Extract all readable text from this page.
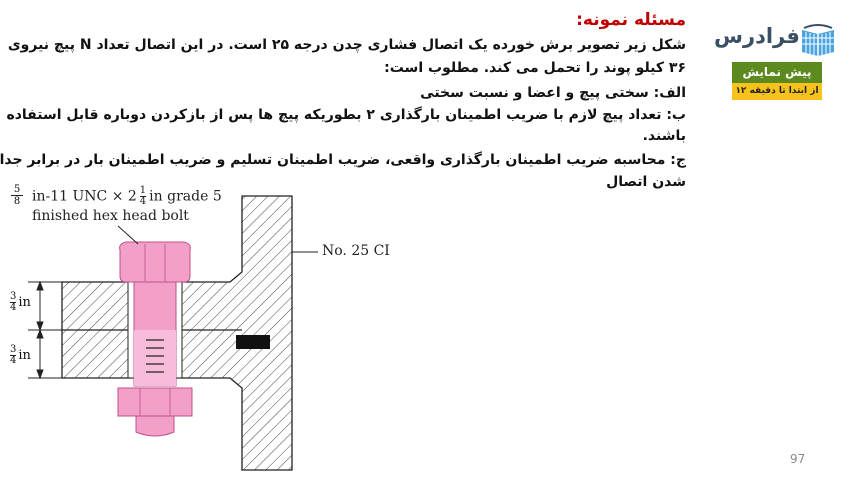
فرادرس
پیش نمایش
از ابتدا تا دقیقه ۱۲
مسئله نمونه:
شکل زیر تصویر برش خورده یک اتصال فشاری چدن درجه ۲۵ است. در این اتصال تعداد N پیچ نیروی
۳۶ کیلو پوند را تحمل می کند. مطلوب است:
الف: سختی پیچ و اعضا و نسبت سختی
ب: تعداد پیچ لازم با ضریب اطمینان بارگذاری ۲ بطوریکه پیچ ها پس از بازکردن دوباره قابل استفاده
باشند.
ج: محاسبه ضریب اطمینان بارگذاری واقعی، ضریب اطمینان تسلیم و ضریب اطمینان بار در برابر جدا
شدن اتصال
5
8 in-11 UNC × $2 \frac{1}{4}$ in grade 5
finished hex head bolt
No. 25 CI
$\frac{3}{4}$ in
$\frac{3}{4}$ in
97
